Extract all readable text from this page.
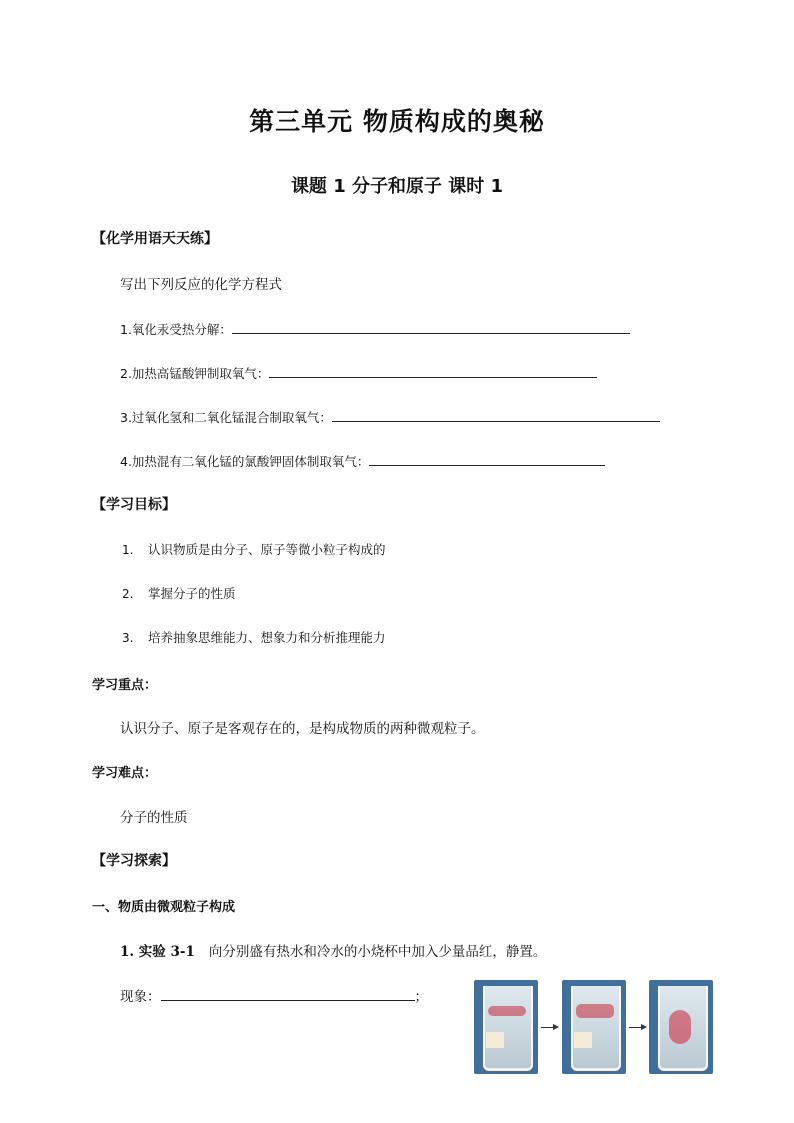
第三单元 物质构成的奥秘
课题 1 分子和原子 课时 1
【化学用语天天练】
写出下列反应的化学方程式
1.氧化汞受热分解：
2.加热高锰酸钾制取氧气：
3.过氧化氢和二氧化锰混合制取氧气：
4.加热混有二氧化锰的氯酸钾固体制取氧气：
【学习目标】
1. 认识物质是由分子、原子等微小粒子构成的
2. 掌握分子的性质
3. 培养抽象思维能力、想象力和分析推理能力
学习重点：
认识分子、原子是客观存在的，是构成物质的两种微观粒子。
学习难点：
分子的性质
【学习探索】
一、物质由微观粒子构成
1. 实验 3-1 向分别盛有热水和冷水的小烧杯中加入少量品红，静置。
现象：	；
